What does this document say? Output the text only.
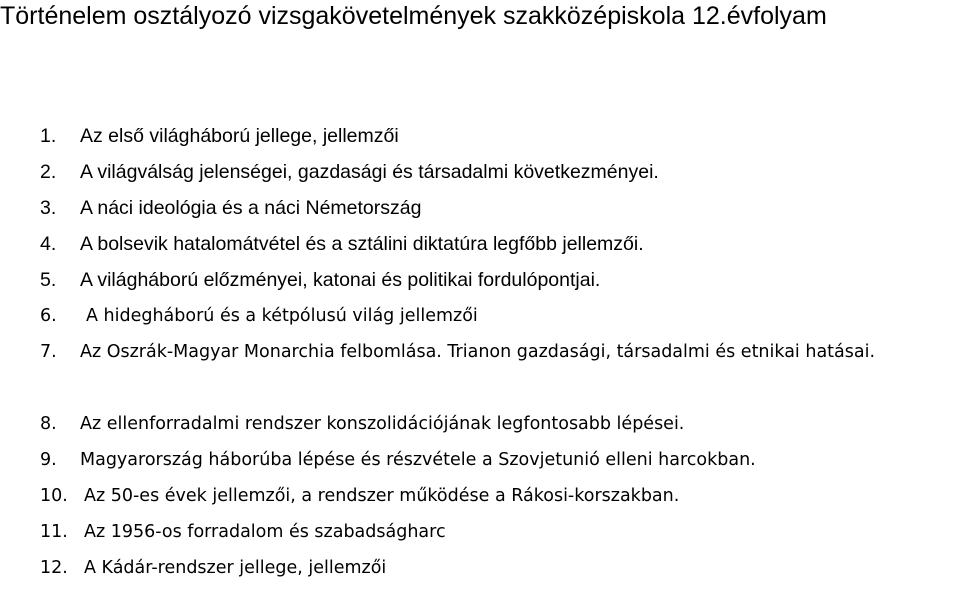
Történelem osztályozó vizsgakövetelmények szakközépiskola 12.évfolyam
1.	Az első világháború jellege, jellemzői
2.	A világválság jelenségei, gazdasági és társadalmi következményei.
3.	A náci ideológia és a náci Németország
4.	A bolsevik hatalomátvétel és a sztálini diktatúra legfőbb jellemzői.
5.	A világháború előzményei, katonai és politikai fordulópontjai.
6.	A hidegháború és a kétpólusú világ jellemzői
7.	Az Oszrák-Magyar Monarchia felbomlása. Trianon gazdasági, társadalmi és etnikai hatásai.
8.	Az ellenforradalmi rendszer konszolidációjának legfontosabb lépései.
9.	Magyarország háborúba lépése és részvétele a Szovjetunió elleni harcokban.
10. Az 50-es évek jellemzői, a rendszer működése a Rákosi-korszakban.
11. Az 1956-os forradalom és szabadságharc
12. A Kádár-rendszer jellege, jellemzői
